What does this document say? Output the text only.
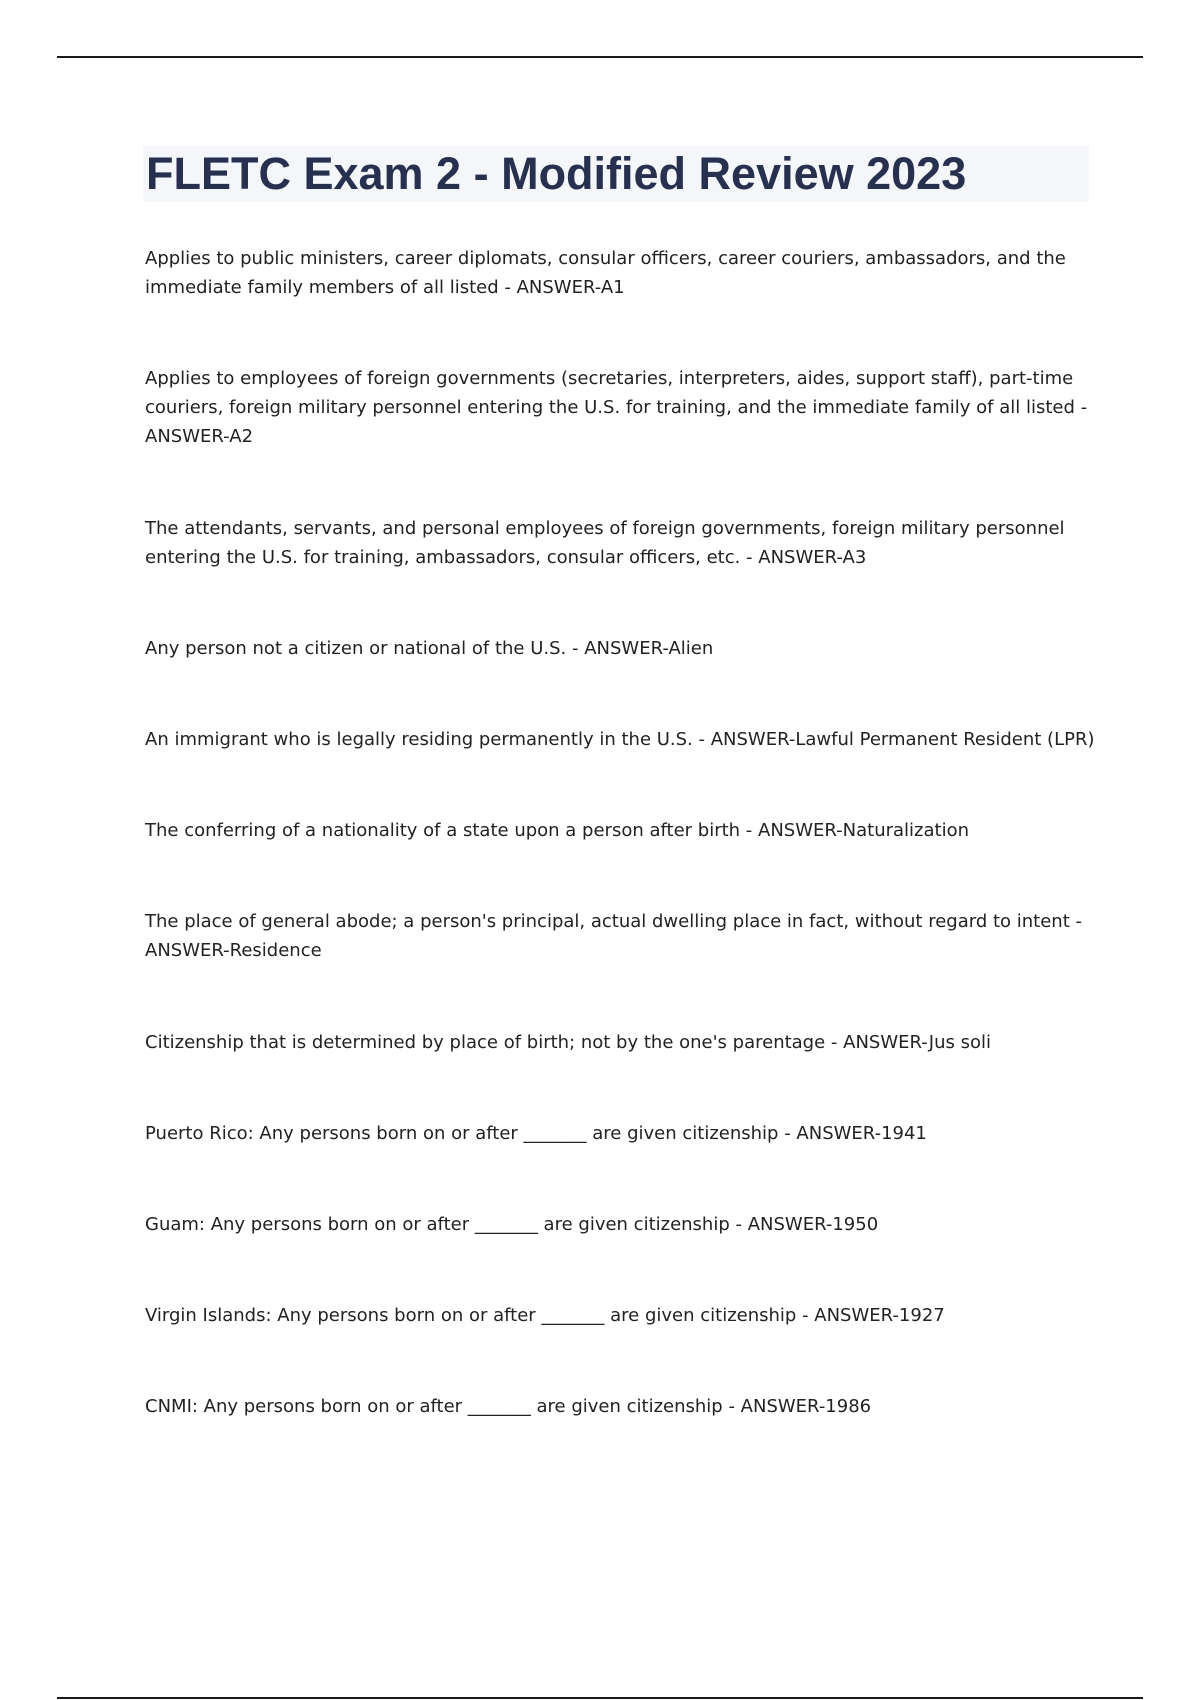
FLETC Exam 2 - Modified Review 2023

Applies to public ministers, career diplomats, consular officers, career couriers, ambassadors, and the immediate family members of all listed - ANSWER-A1

Applies to employees of foreign governments (secretaries, interpreters, aides, support staff), part-time couriers, foreign military personnel entering the U.S. for training, and the immediate family of all listed - ANSWER-A2

The attendants, servants, and personal employees of foreign governments, foreign military personnel entering the U.S. for training, ambassadors, consular officers, etc. - ANSWER-A3

Any person not a citizen or national of the U.S. - ANSWER-Alien

An immigrant who is legally residing permanently in the U.S. - ANSWER-Lawful Permanent Resident (LPR)

The conferring of a nationality of a state upon a person after birth - ANSWER-Naturalization

The place of general abode; a person's principal, actual dwelling place in fact, without regard to intent - ANSWER-Residence

Citizenship that is determined by place of birth; not by the one's parentage - ANSWER-Jus soli

Puerto Rico: Any persons born on or after _______ are given citizenship - ANSWER-1941

Guam: Any persons born on or after _______ are given citizenship - ANSWER-1950

Virgin Islands: Any persons born on or after _______ are given citizenship - ANSWER-1927

CNMI: Any persons born on or after _______ are given citizenship - ANSWER-1986
